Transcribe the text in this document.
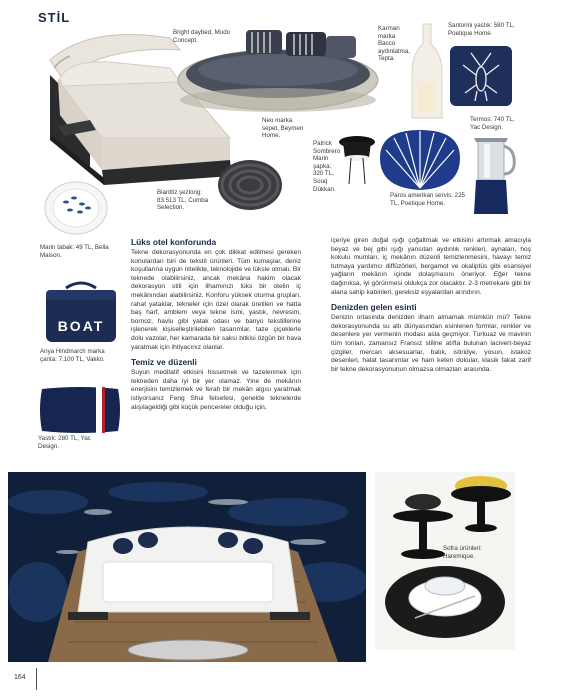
STİL
Bright daybed, Mudo Concept.
Karman marka Bacco aydınlatma, Tepta.
Santorini yastık: 580 TL, Poetique Home.
Neo marka sepet, Beymen Home.
Patrick Sombrero Marin şapka: 320 TL, Souq Dükkan.
Paros amerikan servis: 225 TL, Poetique Home.
Termos: 740 TL, Yac Design.
Bianttiz şezlong: 83.513 TL, Cumba Selection.
Marin tabak: 49 TL, Bella Maison.
BOAT
Anya Hindmarch marka çanta: 7.100 TL, Vakko.
Yastık: 280 TL, Yac Design.
Lüks otel konforunda

Tekne dekorasyonunda en çok dikkat edilmesi gereken konulardan biri de tekstil ürünleri. Tüm kumaşlar, deniz koşullarına uygun nitelikte, teknolojide ve lüksle olmalı. Bir teknede olabilirsiniz, ancak mekâna hakim olacak dekorasyon stili için ilhamınızı lüks bir otelin iç mekânından alabilirsiniz. Konforu yüksek oturma grupları, rahat yataklar, tekneler için özel olarak üretilen ve hatta baş harf, amblem veya tekne ismi, yastık, nevresim, bornoz, havlu gibi yatak odası ve banyo tekstillerine işlenerek kişiselleştirilebilen tasarımlar, taze çiçeklerle dolu vazolar, her kamarada bir saksı bitkisi özgün bir hava yaratmak için ihtiyacınız olanlar.

Temiz ve düzenli

Suyun meditatif etkisini hissetmek ve tazelenmek için tekneden daha iyi bir yer olamaz. Yine de mekânın enerjisini temizlemek ve ferah bir mekân algısı yaratmak istiyorsanız Feng Shui felsefesi, genelde teknelerde alışılageldiği gibi küçük pencereler olduğu için,

içeriye giren doğal ışığı çoğaltmak ve etkisini artırmak amacıyla beyaz ve bej gibi ışığı yansıtan aydınlık renkleri, aynaları, hoş kokulu mumları, iç mekânın düzenli temizlenmesini, havayı temiz tutmaya yardımcı diffüzörleri, bergamot ve okaliptüs gibi esansiyel yağların mekânın içinde dolaşmasını öneriyor. Eğer tekne dağınıksa, iyi görünmesi oldukça zor olacaktır. 2-3 metrekare gibi bir alana sahip kabinleri, gereksiz eşyalardan arındırın.

Denizden gelen esinti

Denizin ortasında denizden ilham almamak mümkün mü? Tekne dekorasyonunda su altı dünyasından esinlenen formlar, renkler ve desenlere yer vermenin modası asla geçmiyor. Turkuaz ve mavinin tüm tonları, zamansız Fransız stiline atıfta bulunan lacivert-beyaz çizgiler, mercan aksesuarlar, balık, istiridye, yosun, istakoz desenleri, halat tasarımlar ve ham keten dokular, klasik fakat zarif bir tekne dekorasyonunun olmazsa olmazları arasında.

Sofra ürünleri: Haremique.
164
